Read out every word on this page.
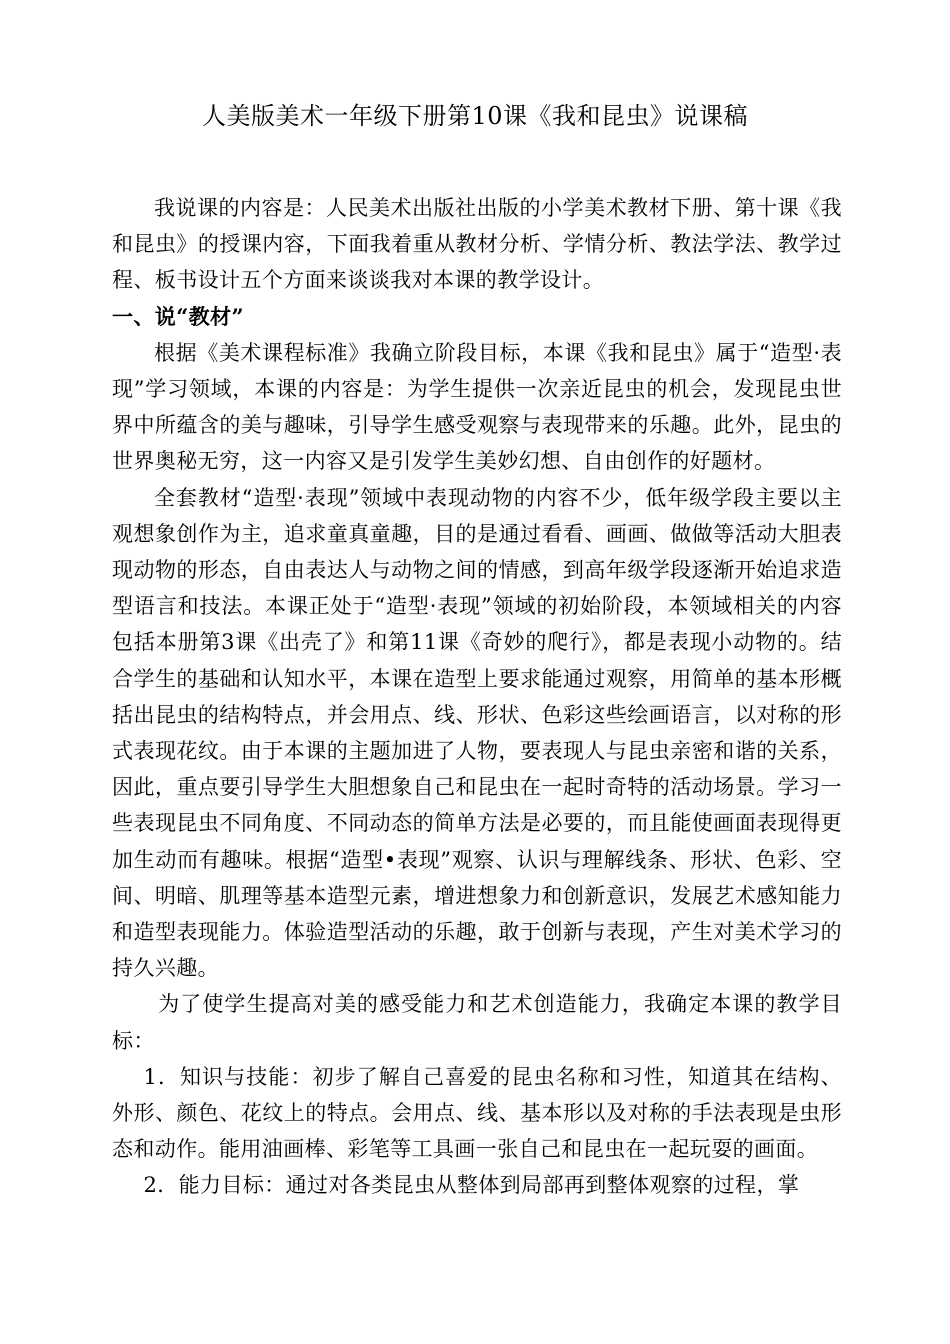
人美版美术一年级下册第10课《我和昆虫》说课稿

我说课的内容是：人民美术出版社出版的小学美术教材下册、第十课《我和昆虫》的授课内容，下面我着重从教材分析、学情分析、教法学法、教学过程、板书设计五个方面来谈谈我对本课的教学设计。

一、说“教材”

根据《美术课程标准》我确立阶段目标，本课《我和昆虫》属于“造型·表现”学习领域，本课的内容是：为学生提供一次亲近昆虫的机会，发现昆虫世界中所蕴含的美与趣味，引导学生感受观察与表现带来的乐趣。此外，昆虫的世界奥秘无穷，这一内容又是引发学生美妙幻想、自由创作的好题材。

全套教材“造型·表现”领域中表现动物的内容不少，低年级学段主要以主观想象创作为主，追求童真童趣，目的是通过看看、画画、做做等活动大胆表现动物的形态，自由表达人与动物之间的情感，到高年级学段逐渐开始追求造型语言和技法。本课正处于“造型·表现”领域的初始阶段，本领域相关的内容包括本册第3课《出壳了》和第11课《奇妙的爬行》，都是表现小动物的。结合学生的基础和认知水平，本课在造型上要求能通过观察，用简单的基本形概括出昆虫的结构特点，并会用点、线、形状、色彩这些绘画语言，以对称的形式表现花纹。由于本课的主题加进了人物，要表现人与昆虫亲密和谐的关系，因此，重点要引导学生大胆想象自己和昆虫在一起时奇特的活动场景。学习一些表现昆虫不同角度、不同动态的简单方法是必要的，而且能使画面表现得更加生动而有趣味。根据“造型•表现”观察、认识与理解线条、形状、色彩、空间、明暗、肌理等基本造型元素，增进想象力和创新意识，发展艺术感知能力和造型表现能力。体验造型活动的乐趣，敢于创新与表现，产生对美术学习的持久兴趣。

为了使学生提高对美的感受能力和艺术创造能力，我确定本课的教学目标：

1．知识与技能：初步了解自己喜爱的昆虫名称和习性，知道其在结构、外形、颜色、花纹上的特点。会用点、线、基本形以及对称的手法表现是虫形态和动作。能用油画棒、彩笔等工具画一张自己和昆虫在一起玩耍的画面。

2．能力目标：通过对各类昆虫从整体到局部再到整体观察的过程，掌
